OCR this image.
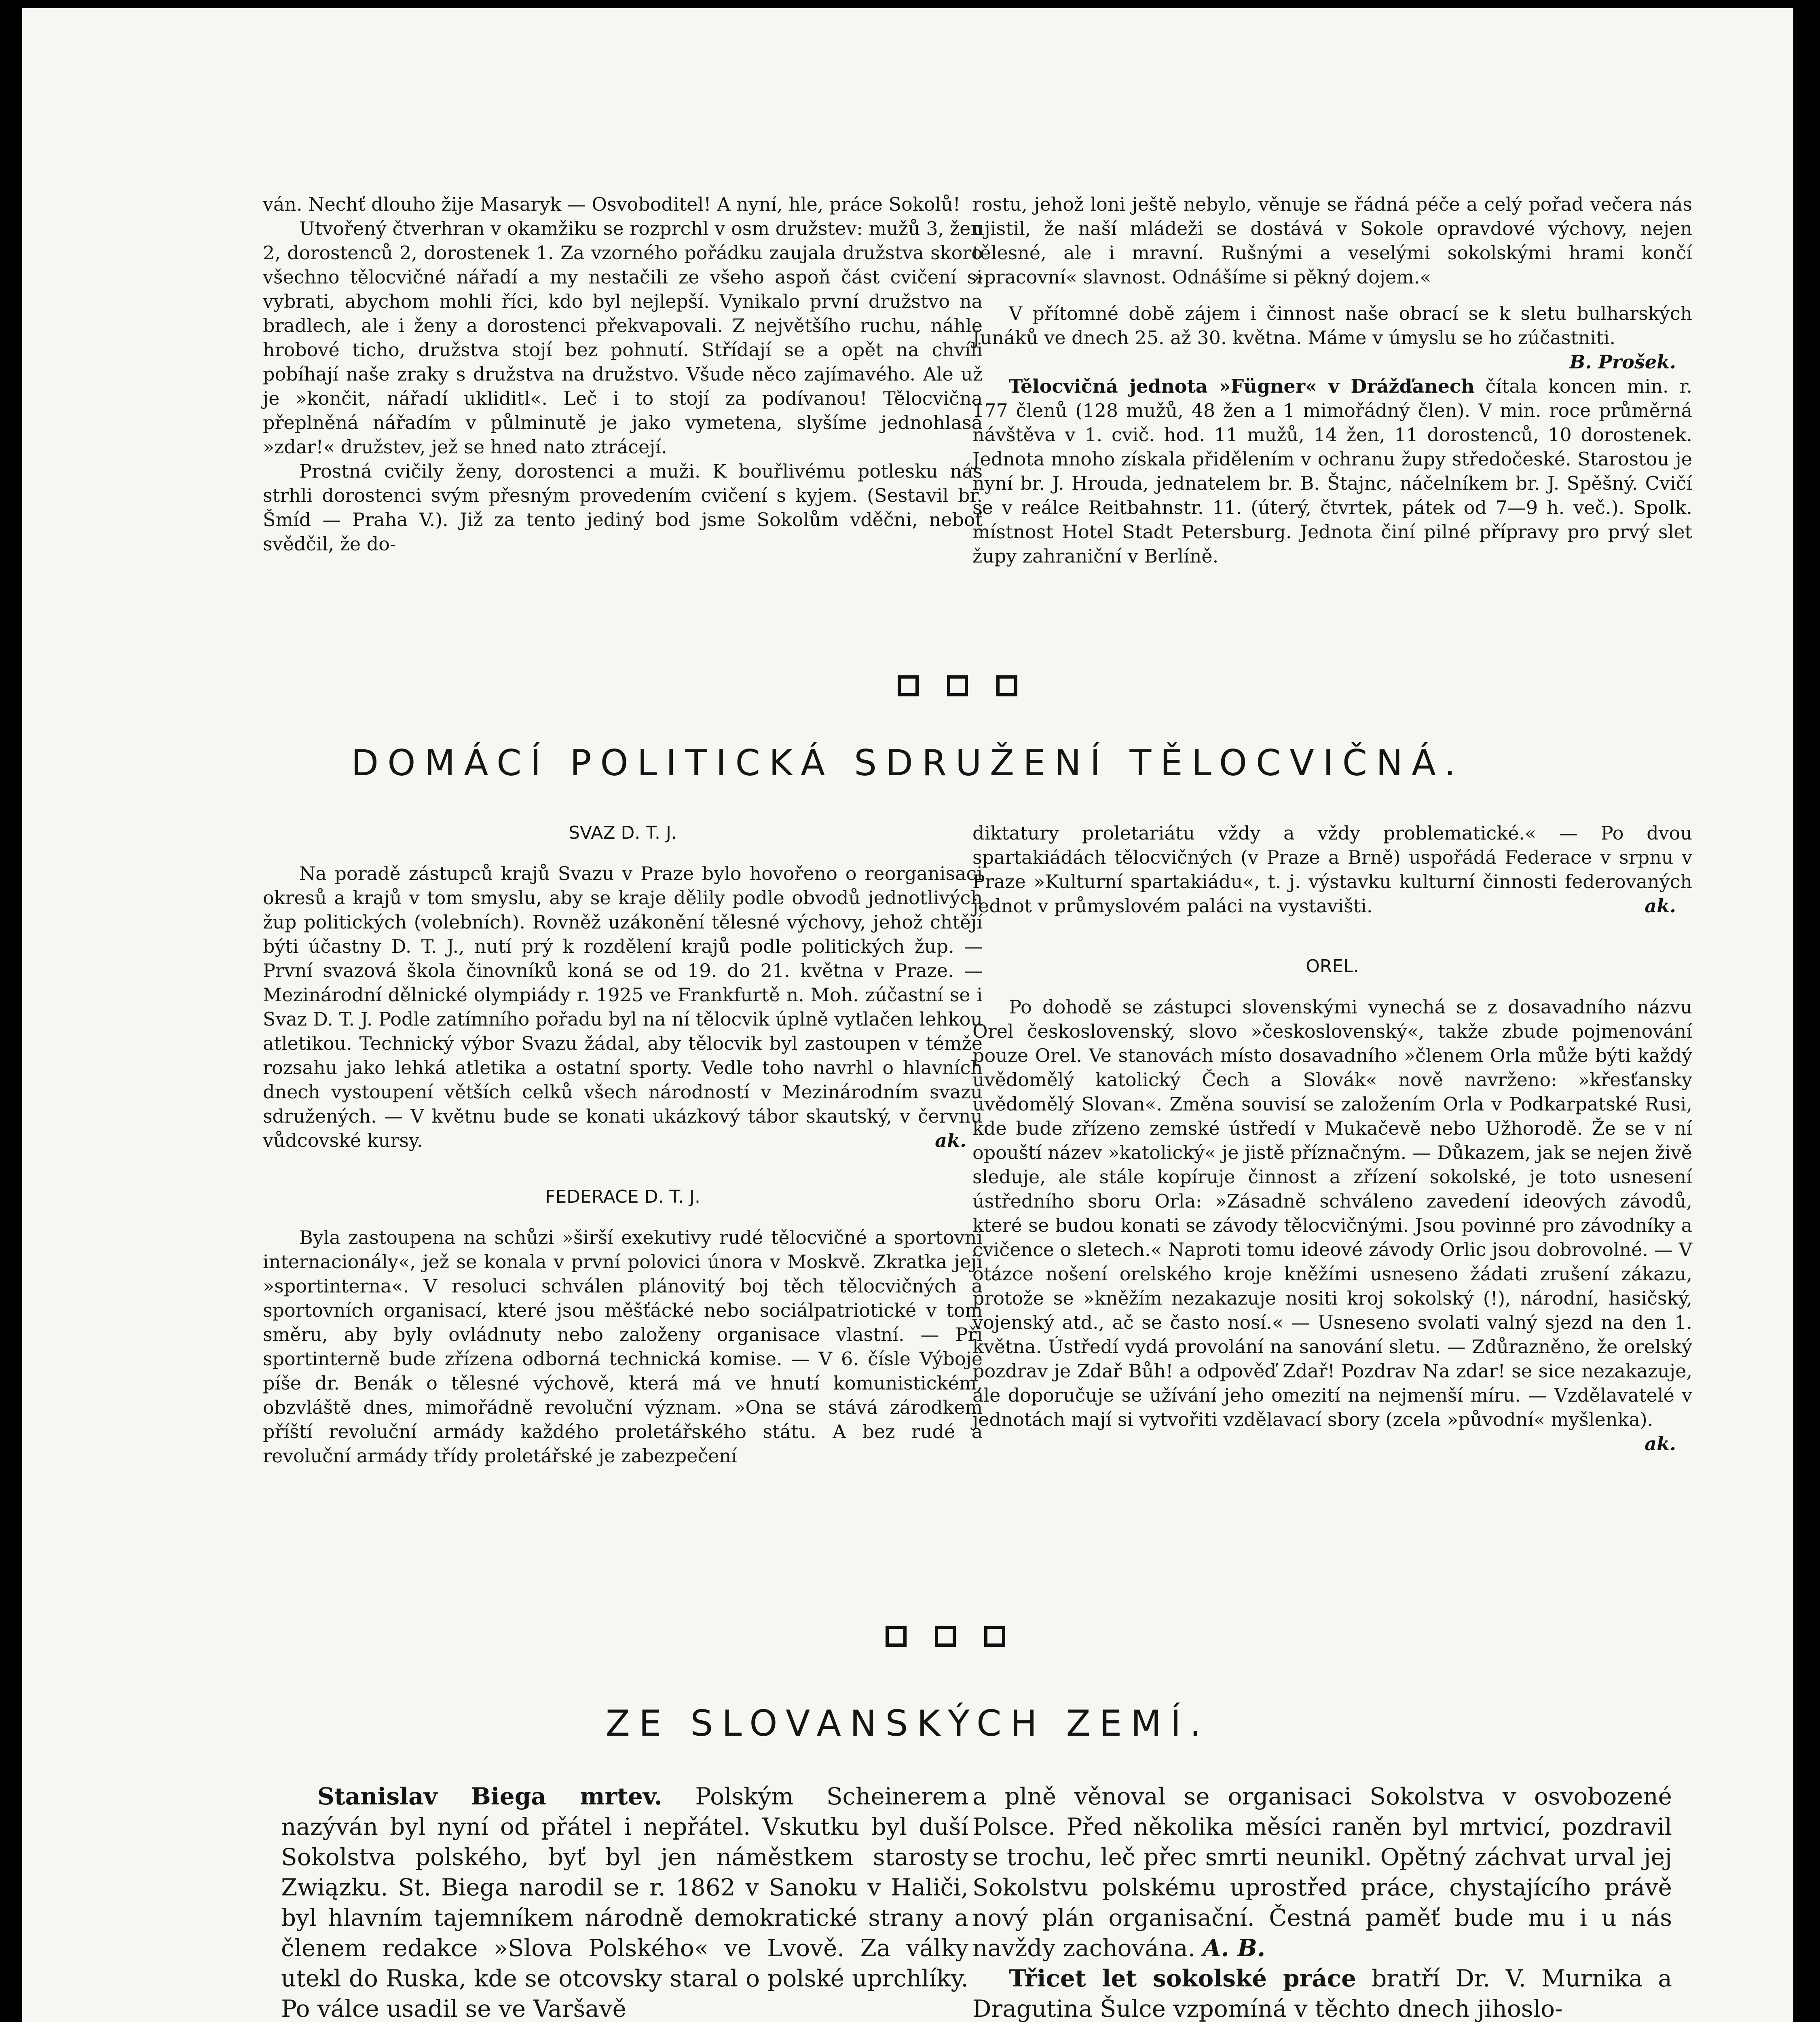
ván. Nechť dlouho žije Masaryk — Osvoboditel! A nyní, hle, práce Sokolů!

Utvořený čtverhran v okamžiku se rozprchl v osm družstev: mužů 3, žen 2, dorostenců 2, dorostenek 1. Za vzorného pořádku zaujala družstva skoro všechno tělocvičné nářadí a my nestačili ze všeho aspoň část cvičení si vybrati, abychom mohli říci, kdo byl nejlepší. Vynikalo první družstvo na bradlech, ale i ženy a dorostenci překvapovali. Z největšího ruchu, náhle hrobové ticho, družstva stojí bez pohnutí. Střídají se a opět na chvíli pobíhají naše zraky s družstva na družstvo. Všude něco zajímavého. Ale už je »končit, nářadí ukliditl«. Leč i to stojí za podívanou! Tělocvična přeplněná nářadím v půlminutě je jako vymetena, slyšíme jednohlasá »zdar!« družstev, jež se hned nato ztrácejí.

Prostná cvičily ženy, dorostenci a muži. K bouřlivému potlesku nás strhli dorostenci svým přesným provedením cvičení s kyjem. (Sestavil br. Šmíd — Praha V.). Již za tento jediný bod jsme Sokolům vděčni, neboť svědčil, že do-

rostu, jehož loni ještě nebylo, věnuje se řádná péče a celý pořad večera nás ujistil, že naší mládeži se dostává v Sokole opravdové výchovy, nejen tělesné, ale i mravní. Rušnými a veselými sokolskými hrami končí »pracovní« slavnost. Odnášíme si pěkný dojem.«

V přítomné době zájem i činnost naše obrací se k sletu bulharských Junáků ve dnech 25. až 30. května. Máme v úmyslu se ho zúčastniti.
B. Prošek.

Tělocvičná jednota »Fügner« v Drážďanech čítala koncen min. r. 177 členů (128 mužů, 48 žen a 1 mimořádný člen). V min. roce průměrná návštěva v 1. cvič. hod. 11 mužů, 14 žen, 11 dorostenců, 10 dorostenek. Jednota mnoho získala přidělením v ochranu župy středočeské. Starostou je nyní br. J. Hrouda, jednatelem br. B. Štajnc, náčelníkem br. J. Spěšný. Cvičí se v reálce Reitbahnstr. 11. (úterý, čtvrtek, pátek od 7—9 h. več.). Spolk. místnost Hotel Stadt Petersburg. Jednota činí pilné přípravy pro prvý slet župy zahraniční v Berlíně.

DOMÁCÍ POLITICKÁ SDRUŽENÍ TĚLOCVIČNÁ.
SVAZ D. T. J.

Na poradě zástupců krajů Svazu v Praze bylo hovořeno o reorganisaci okresů a krajů v tom smyslu, aby se kraje dělily podle obvodů jednotlivých žup politických (volebních). Rovněž uzákonění tělesné výchovy, jehož chtějí býti účastny D. T. J., nutí prý k rozdělení krajů podle politických žup. — První svazová škola činovníků koná se od 19. do 21. května v Praze. — Mezinárodní dělnické olympiády r. 1925 ve Frankfurtě n. Moh. zúčastní se i Svaz D. T. J. Podle zatímního pořadu byl na ní tělocvik úplně vytlačen lehkou atletikou. Technický výbor Svazu žádal, aby tělocvik byl zastoupen v témže rozsahu jako lehká atletika a ostatní sporty. Vedle toho navrhl o hlavních dnech vystoupení větších celků všech národností v Mezinárodním svazu sdružených. — V květnu bude se konati ukázkový tábor skautský, v červnu vůdcovské kursy.	ak.

FEDERACE D. T. J.

Byla zastoupena na schůzi »širší exekutivy rudé tělocvičné a sportovní internacionály«, jež se konala v první polovici února v Moskvě. Zkratka její »sportinterna«. V resoluci schválen plánovitý boj těch tělocvičných a sportovních organisací, které jsou měšťácké nebo sociálpatriotické v tom směru, aby byly ovládnuty nebo založeny organisace vlastní. — Při sportinterně bude zřízena odborná technická komise. — V 6. čísle Výboje píše dr. Benák o tělesné výchově, která má ve hnutí komunistickém, obzvláště dnes, mimořádně revoluční význam. »Ona se stává zárodkem příští revoluční armády každého proletářského státu. A bez rudé a revoluční armády třídy proletářské je zabezpečení

diktatury proletariátu vždy a vždy problematické.« — Po dvou spartakiádách tělocvičných (v Praze a Brně) uspořádá Federace v srpnu v Praze »Kulturní spartakiádu«, t. j. výstavku kulturní činnosti federovaných jednot v průmyslovém paláci na vystavišti.	ak.

OREL.

Po dohodě se zástupci slovenskými vynechá se z dosavadního názvu Orel československý, slovo »československý«, takže zbude pojmenování pouze Orel. Ve stanovách místo dosavadního »členem Orla může býti každý uvědomělý katolický Čech a Slovák« nově navrženo: »křesťansky uvědomělý Slovan«. Změna souvisí se založením Orla v Podkarpatské Rusi, kde bude zřízeno zemské ústředí v Mukačevě nebo Užhorodě. Že se v ní opouští název »katolický« je jistě příznačným. — Důkazem, jak se nejen živě sleduje, ale stále kopíruje činnost a zřízení sokolské, je toto usnesení ústředního sboru Orla: »Zásadně schváleno zavedení ideových závodů, které se budou konati se závody tělocvičnými. Jsou povinné pro závodníky a cvičence o sletech.« Naproti tomu ideové závody Orlic jsou dobrovolné. — V otázce nošení orelského kroje kněžími usneseno žádati zrušení zákazu, protože se »kněžím nezakazuje nositi kroj sokolský (!), národní, hasičský, vojenský atd., ač se často nosí.« — Usneseno svolati valný sjezd na den 1. května. Ústředí vydá provolání na sanování sletu. — Zdůrazněno, že orelský pozdrav je Zdař Bůh! a odpověď Zdař! Pozdrav Na zdar! se sice nezakazuje, ale doporučuje se užívání jeho omezití na nejmenší míru. — Vzdělavatelé v jednotách mají si vytvořiti vzdělavací sbory (zcela »původní« myšlenka).
ak.

ZE SLOVANSKÝCH ZEMÍ.

Stanislav Biega mrtev. Polským Scheinerem nazýván byl nyní od přátel i nepřátel. Vskutku byl duší Sokolstva polského, byť byl jen náměstkem starosty Związku. St. Biega narodil se r. 1862 v Sanoku v Haliči, byl hlavním tajemníkem národně demokratické strany a členem redakce »Slova Polského« ve Lvově. Za války utekl do Ruska, kde se otcovsky staral o polské uprchlíky. Po válce usadil se ve Varšavě

a plně věnoval se organisaci Sokolstva v osvobozené Polsce. Před několika měsíci raněn byl mrtvicí, pozdravil se trochu, leč přec smrti neunikl. Opětný záchvat urval jej Sokolstvu polskému uprostřed práce, chystajícího právě nový plán organisační. Čestná paměť bude mu i u nás navždy zachována. A. B.

Třicet let sokolské práce bratří Dr. V. Murnika a Dragutina Šulce vzpomíná v těchto dnech jihoslo-
